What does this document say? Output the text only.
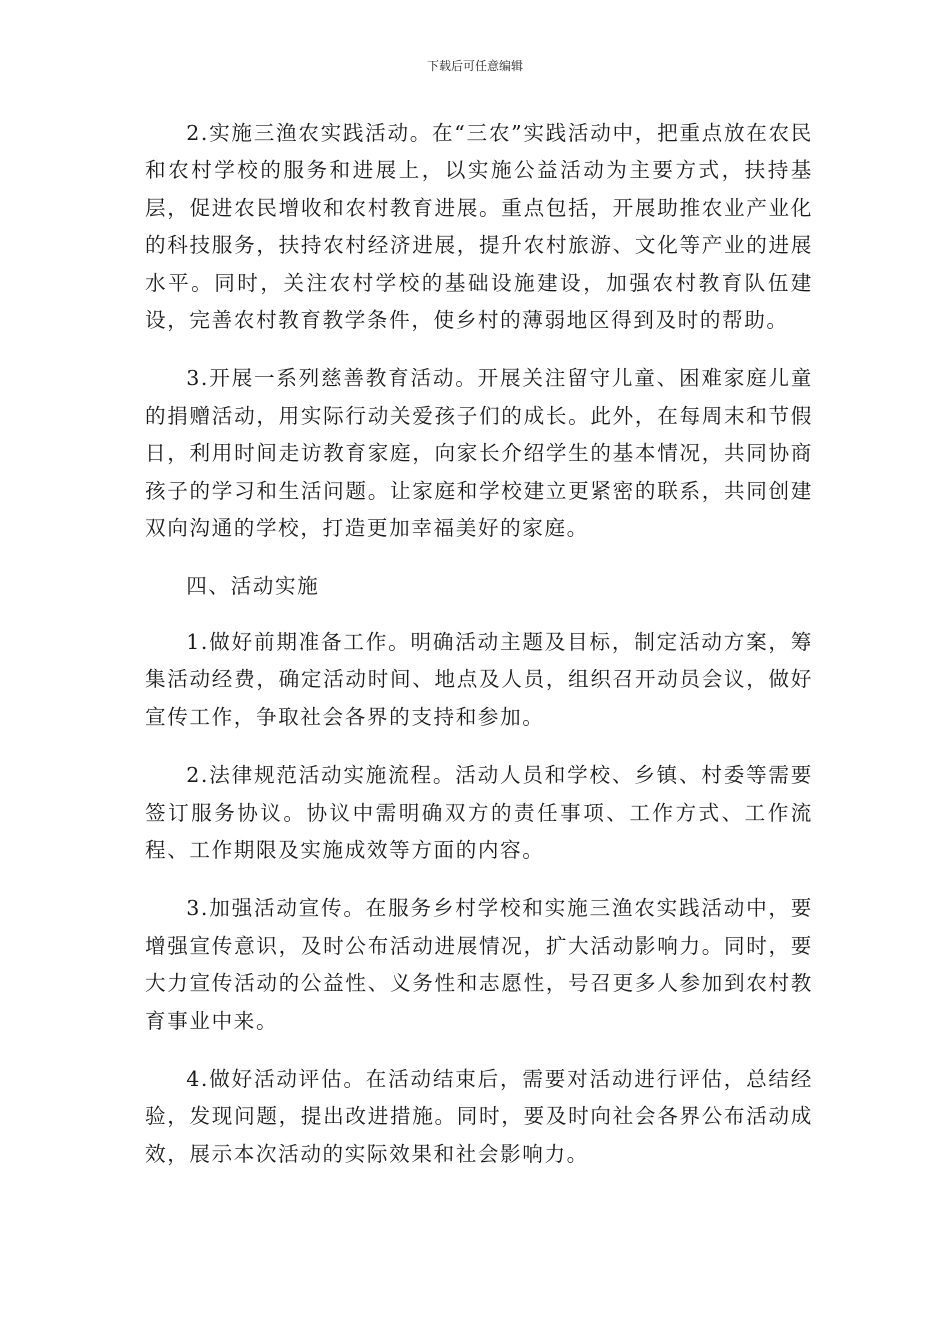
下载后可任意编辑

2.实施三渔农实践活动。在“三农”实践活动中，把重点放在农民和农村学校的服务和进展上，以实施公益活动为主要方式，扶持基层，促进农民增收和农村教育进展。重点包括，开展助推农业产业化的科技服务，扶持农村经济进展，提升农村旅游、文化等产业的进展水平。同时，关注农村学校的基础设施建设，加强农村教育队伍建设，完善农村教育教学条件，使乡村的薄弱地区得到及时的帮助。

3.开展一系列慈善教育活动。开展关注留守儿童、困难家庭儿童的捐赠活动，用实际行动关爱孩子们的成长。此外，在每周末和节假日，利用时间走访教育家庭，向家长介绍学生的基本情况，共同协商孩子的学习和生活问题。让家庭和学校建立更紧密的联系，共同创建双向沟通的学校，打造更加幸福美好的家庭。

四、活动实施

1.做好前期准备工作。明确活动主题及目标，制定活动方案，筹集活动经费，确定活动时间、地点及人员，组织召开动员会议，做好宣传工作，争取社会各界的支持和参加。

2.法律规范活动实施流程。活动人员和学校、乡镇、村委等需要签订服务协议。协议中需明确双方的责任事项、工作方式、工作流程、工作期限及实施成效等方面的内容。

3.加强活动宣传。在服务乡村学校和实施三渔农实践活动中，要增强宣传意识，及时公布活动进展情况，扩大活动影响力。同时，要大力宣传活动的公益性、义务性和志愿性，号召更多人参加到农村教育事业中来。

4.做好活动评估。在活动结束后，需要对活动进行评估，总结经验，发现问题，提出改进措施。同时，要及时向社会各界公布活动成效，展示本次活动的实际效果和社会影响力。
